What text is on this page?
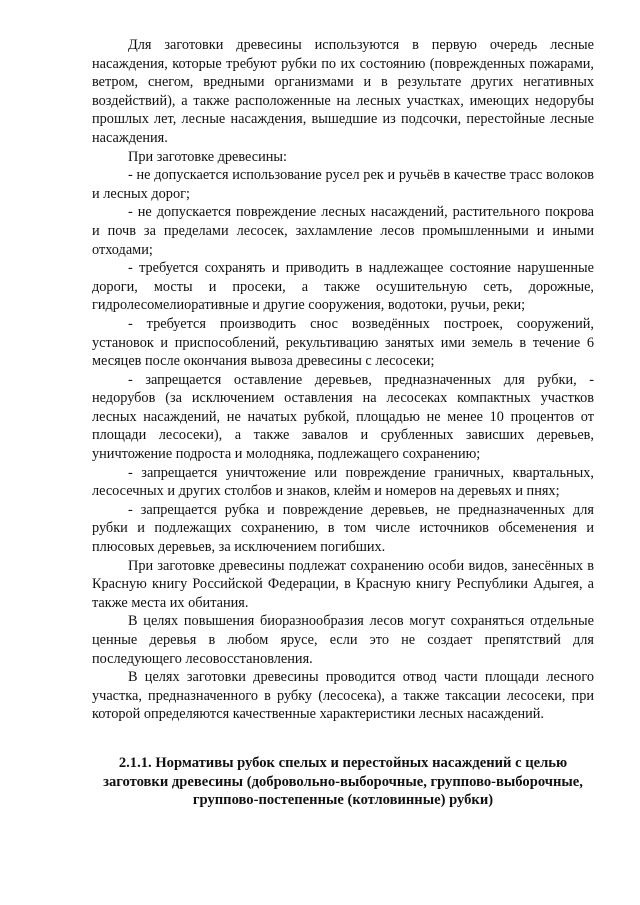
Для заготовки древесины используются в первую очередь лесные насаждения, которые требуют рубки по их состоянию (поврежденных пожарами, ветром, снегом, вредными организмами и в результате других негативных воздействий), а также расположенные на лесных участках, имеющих недорубы прошлых лет, лесные насаждения, вышедшие из подсочки, перестойные лесные насаждения.

При заготовке древесины:

- не допускается использование русел рек и ручьёв в качестве трасс волоков и лесных дорог;

- не допускается повреждение лесных насаждений, растительного покрова и почв за пределами лесосек, захламление лесов промышленными и иными отходами;

- требуется сохранять и приводить в надлежащее состояние нарушенные дороги, мосты и просеки, а также осушительную сеть, дорожные, гидролесомелиоративные и другие сооружения, водотоки, ручьи, реки;

- требуется производить снос возведённых построек, сооружений, установок и приспособлений, рекультивацию занятых ими земель в течение 6 месяцев после окончания вывоза древесины с лесосеки;

- запрещается оставление деревьев, предназначенных для рубки, - недорубов (за исключением оставления на лесосеках компактных участков лесных насаждений, не начатых рубкой, площадью не менее 10 процентов от площади лесосеки), а также завалов и срубленных зависших деревьев, уничтожение подроста и молодняка, подлежащего сохранению;

- запрещается уничтожение или повреждение граничных, квартальных, лесосечных и других столбов и знаков, клейм и номеров на деревьях и пнях;

- запрещается рубка и повреждение деревьев, не предназначенных для рубки и подлежащих сохранению, в том числе источников обсеменения и плюсовых деревьев, за исключением погибших.

При заготовке древесины подлежат сохранению особи видов, занесённых в Красную книгу Российской Федерации, в Красную книгу Республики Адыгея, а также места их обитания.

В целях повышения биоразнообразия лесов могут сохраняться отдельные ценные деревья в любом ярусе, если это не создает препятствий для последующего лесовосстановления.

В целях заготовки древесины проводится отвод части площади лесного участка, предназначенного в рубку (лесосека), а также таксации лесосеки, при которой определяются качественные характеристики лесных насаждений.

2.1.1. Нормативы рубок спелых и перестойных насаждений с целью заготовки древесины (добровольно-выборочные, группово-выборочные, группово-постепенные (котловинные) рубки)
